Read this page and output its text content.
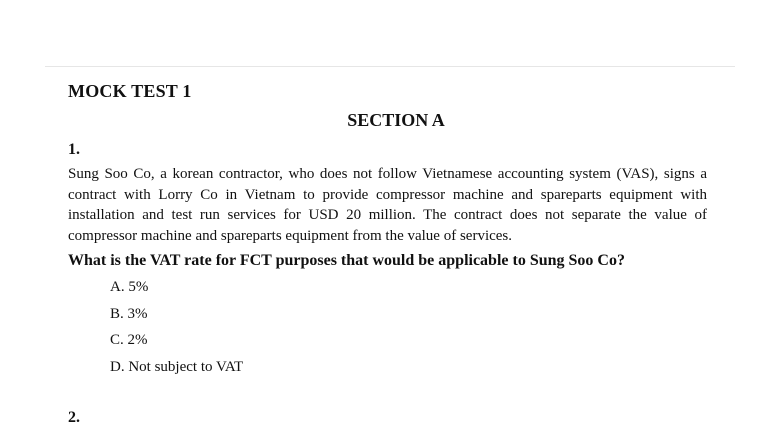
MOCK TEST 1
SECTION A
1.
Sung Soo Co, a korean contractor, who does not follow Vietnamese accounting system (VAS), signs a contract with Lorry Co in Vietnam to provide compressor machine and spareparts equipment with installation and test run services for USD 20 million. The contract does not separate the value of compressor machine and spareparts equipment from the value of services.
What is the VAT rate for FCT purposes that would be applicable to Sung Soo Co?
A. 5%
B. 3%
C. 2%
D. Not subject to VAT
2.
